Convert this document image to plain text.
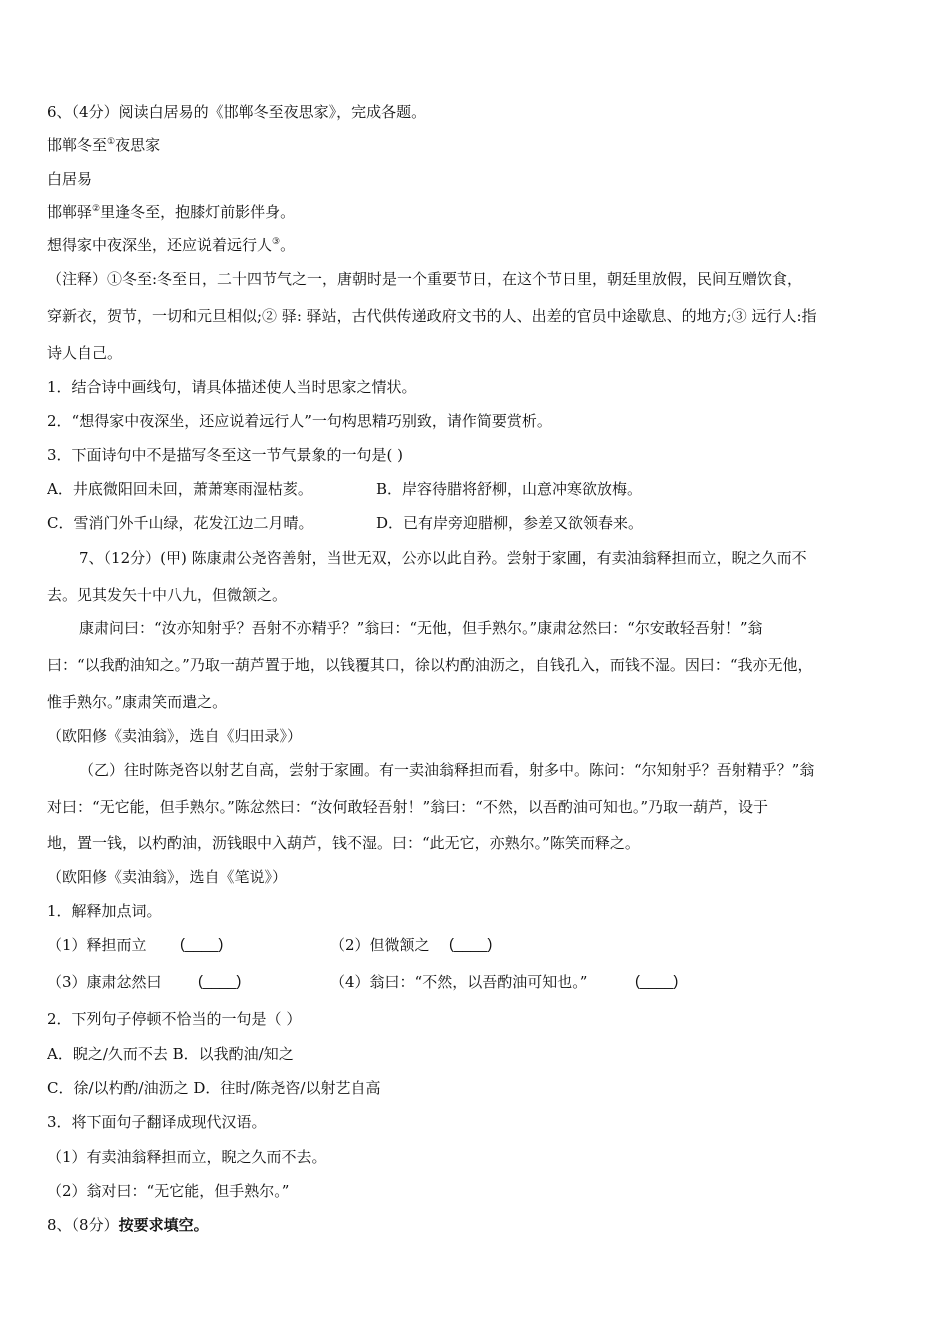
6、（4分）阅读白居易的《邯郸冬至夜思家》，完成各题。
邯郸冬至①夜思家
白居易
邯郸驿②里逢冬至，抱膝灯前影伴身。
想得家中夜深坐，还应说着远行人③。
（注释）①冬至:冬至日，二十四节气之一，唐朝时是一个重要节日，在这个节日里，朝廷里放假，民间互赠饮食，
穿新衣，贺节，一切和元旦相似;② 驿: 驿站，古代供传递政府文书的人、出差的官员中途歇息、的地方;③ 远行人:指
诗人自己。
1．结合诗中画线句，请具体描述使人当时思家之情状。
2．“想得家中夜深坐，还应说着远行人”一句构思精巧别致，请作简要赏析。
3．下面诗句中不是描写冬至这一节气景象的一句是( )
A．井底微阳回未回，萧萧寒雨湿枯荄。	B．岸容待腊将舒柳，山意冲寒欲放梅。
C．雪消门外千山绿，花发江边二月晴。	D．已有岸旁迎腊柳，参差又欲领春来。
7、（12分）(甲) 陈康肃公尧咨善射，当世无双，公亦以此自矜。尝射于家圃，有卖油翁释担而立，睨之久而不
去。见其发矢十中八九，但微颔之。
康肃问曰：“汝亦知射乎？吾射不亦精乎？”翁曰：“无他，但手熟尔。”康肃忿然曰：“尔安敢轻吾射！”翁
曰：“以我酌油知之。”乃取一葫芦置于地，以钱覆其口，徐以杓酌油沥之，自钱孔入，而钱不湿。因曰：“我亦无他，
惟手熟尔。”康肃笑而遣之。
（欧阳修《卖油翁》，选自《归田录》）
（乙）往时陈尧咨以射艺自高，尝射于家圃。有一卖油翁释担而看，射多中。陈问：“尔知射乎？吾射精乎？”翁
对曰：“无它能，但手熟尔。”陈忿然曰：“汝何敢轻吾射！”翁曰：“不然，以吾酌油可知也。”乃取一葫芦，设于
地，置一钱，以杓酌油，沥钱眼中入葫芦，钱不湿。曰：“此无它，亦熟尔。”陈笑而释之。
（欧阳修《卖油翁》，选自《笔说》）
1．解释加点词。
（1）释担而立 (____)	（2）但微颔之 (____)
（3）康肃忿然曰 (____)	（4）翁曰：“不然，以吾酌油可知也。”	(____)
2．下列句子停顿不恰当的一句是（ ）
A．睨之/久而不去 B．以我酌油/知之
C．徐/以杓酌/油沥之 D．往时/陈尧咨/以射艺自高
3．将下面句子翻译成现代汉语。
（1）有卖油翁释担而立，睨之久而不去。
（2）翁对曰：“无它能，但手熟尔。”
8、（8分）按要求填空。
